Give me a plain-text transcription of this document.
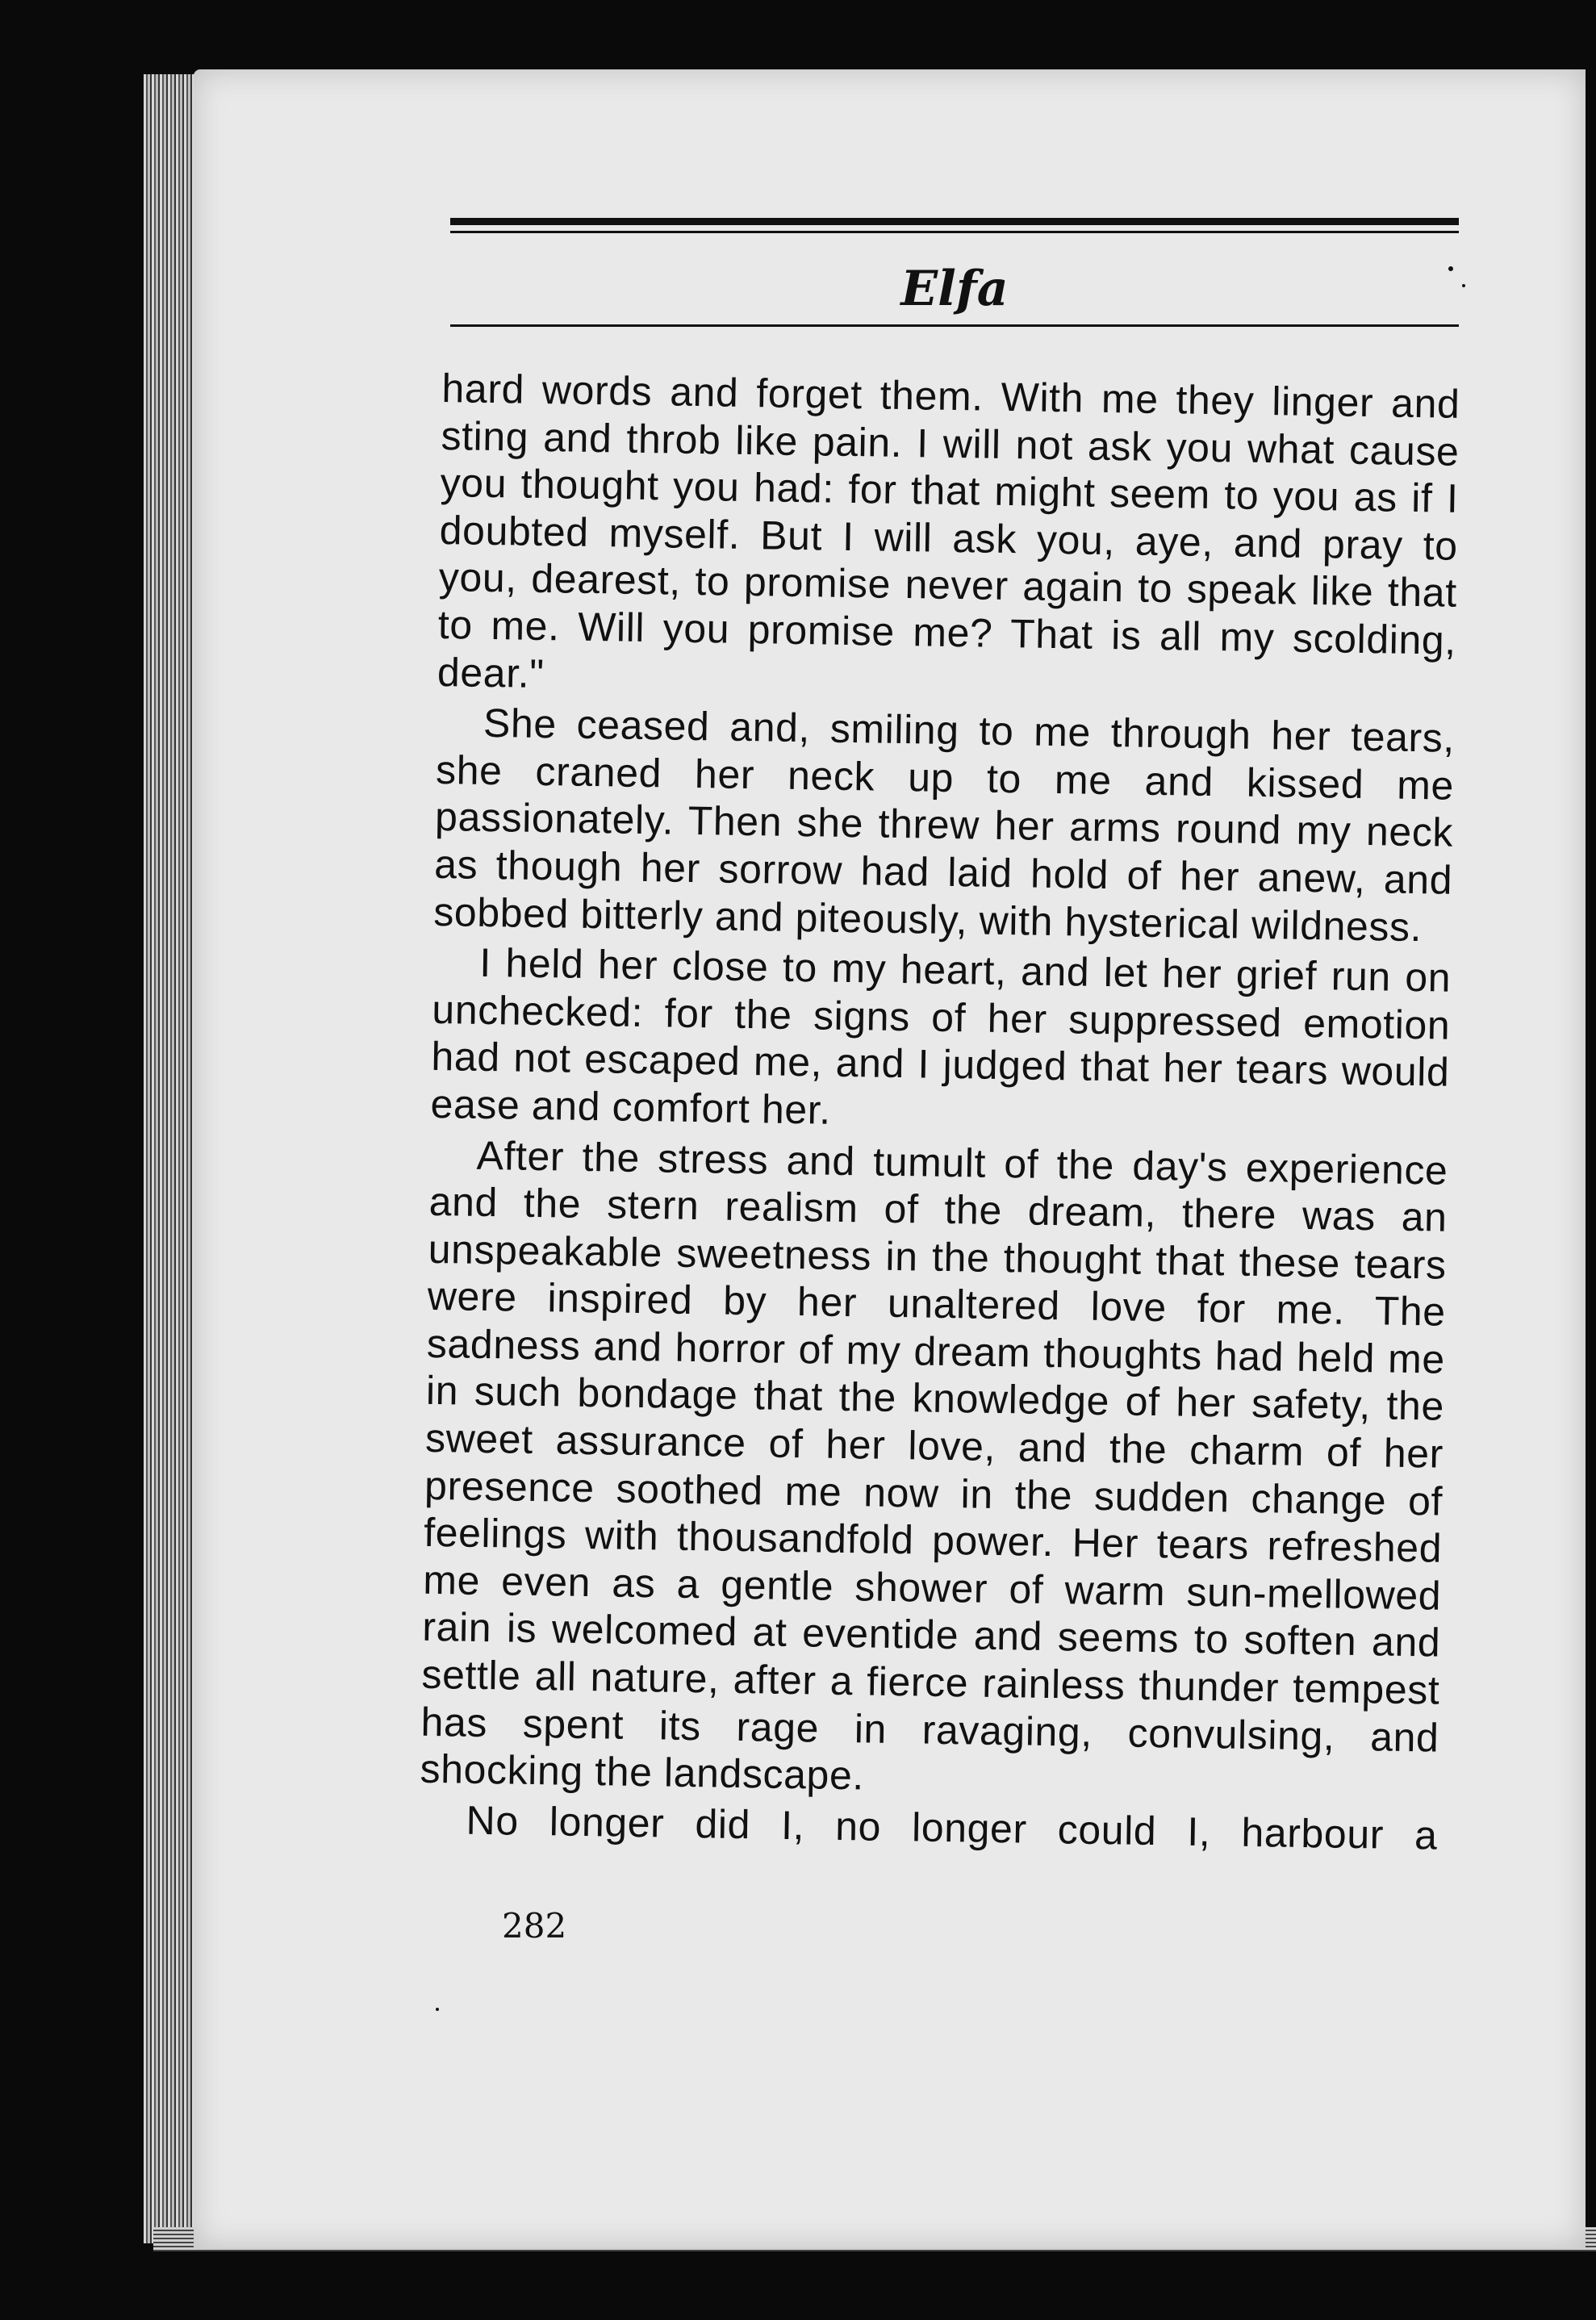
Elfa

hard words and forget them. With me they linger and sting and throb like pain. I will not ask you what cause you thought you had: for that might seem to you as if I doubted myself. But I will ask you, aye, and pray to you, dearest, to promise never again to speak like that to me. Will you promise me? That is all my scolding, dear."

She ceased and, smiling to me through her tears, she craned her neck up to me and kissed me passionately. Then she threw her arms round my neck as though her sorrow had laid hold of her anew, and sobbed bitterly and piteously, with hysterical wildness.

I held her close to my heart, and let her grief run on unchecked: for the signs of her suppressed emotion had not escaped me, and I judged that her tears would ease and comfort her.

After the stress and tumult of the day's experience and the stern realism of the dream, there was an unspeakable sweetness in the thought that these tears were inspired by her unaltered love for me. The sadness and horror of my dream thoughts had held me in such bondage that the knowledge of her safety, the sweet assurance of her love, and the charm of her presence soothed me now in the sudden change of feelings with thousandfold power. Her tears refreshed me even as a gentle shower of warm sun-mellowed rain is welcomed at eventide and seems to soften and settle all nature, after a fierce rainless thunder tempest has spent its rage in ravaging, convulsing, and shocking the landscape.

No longer did I, no longer could I, harbour a

282
